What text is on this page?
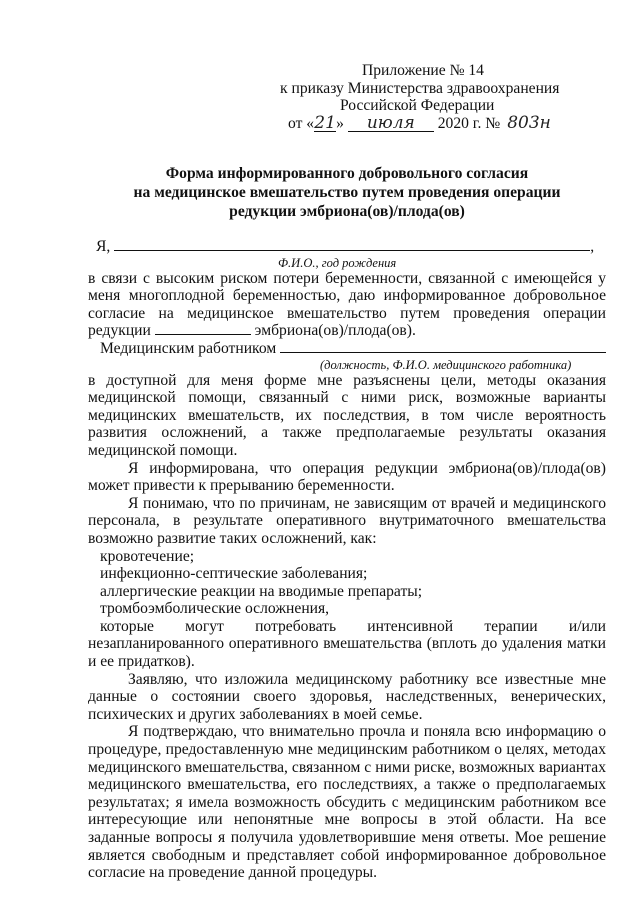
Приложение № 14
к приказу Министерства здравоохранения
Российской Федерации
от «21» июля 2020 г. № 803н
Форма информированного добровольного согласия
на медицинское вмешательство путем проведения операции
редукции эмбриона(ов)/плода(ов)
Я,	,
Ф.И.О., год рождения

в связи с высоким риском потери беременности, связанной с имеющейся у меня многоплодной беременностью, даю информированное добровольное согласие на медицинское вмешательство путем проведения операции редукции	эмбриона(ов)/плода(ов).

Медицинским работником
(должность, Ф.И.О. медицинского работника)

в доступной для меня форме мне разъяснены цели, методы оказания медицинской помощи, связанный с ними риск, возможные варианты медицинских вмешательств, их последствия, в том числе вероятность развития осложнений, а также предполагаемые результаты оказания медицинской помощи.

Я информирована, что операция редукции эмбриона(ов)/плода(ов) может привести к прерыванию беременности.

Я понимаю, что по причинам, не зависящим от врачей и медицинского персонала, в результате оперативного внутриматочного вмешательства возможно развитие таких осложнений, как:

кровотечение;
инфекционно-септические заболевания;
аллергические реакции на вводимые препараты;
тромбоэмболические осложнения,

которые могут потребовать интенсивной терапии и/или незапланированного оперативного вмешательства (вплоть до удаления матки и ее придатков).

Заявляю, что изложила медицинскому работнику все известные мне данные о состоянии своего здоровья, наследственных, венерических, психических и других заболеваниях в моей семье.

Я подтверждаю, что внимательно прочла и поняла всю информацию о процедуре, предоставленную мне медицинским работником о целях, методах медицинского вмешательства, связанном с ними риске, возможных вариантах медицинского вмешательства, его последствиях, а также о предполагаемых результатах; я имела возможность обсудить с медицинским работником все интересующие или непонятные мне вопросы в этой области. На все заданные вопросы я получила удовлетворившие меня ответы. Мое решение является свободным и представляет собой информированное добровольное согласие на проведение данной процедуры.
